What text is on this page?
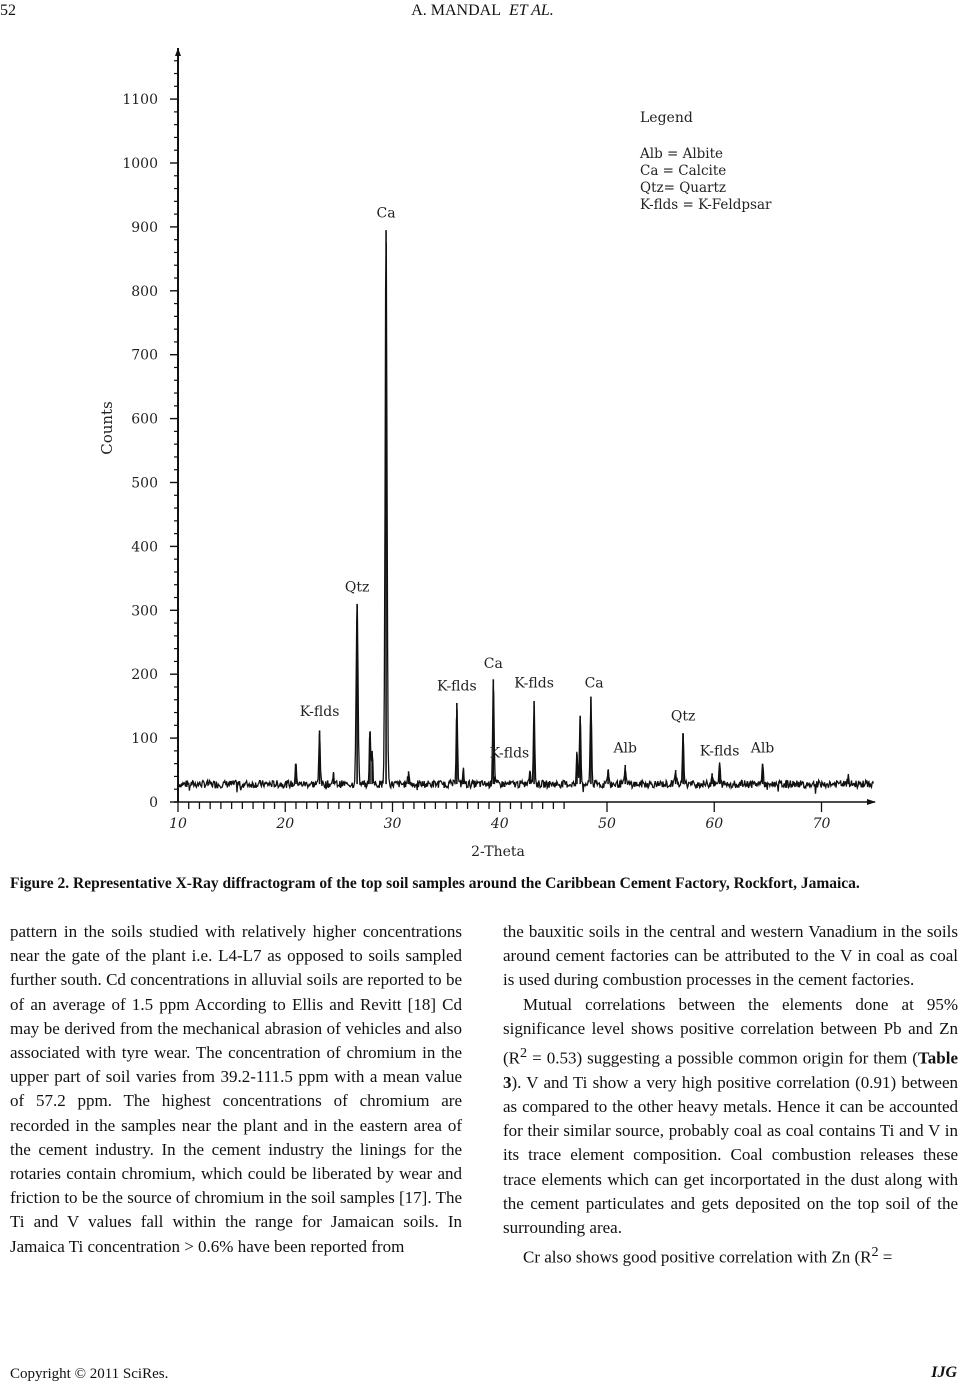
52	A. MANDAL ET AL.
0
100
200
300
400
500
600
700
800
900
1000
1100
10	20	30	40	50	60	70
2-Theta
Counts
K-flds
Qtz
Ca
K-flds
Ca
K-flds
K-flds
Ca
Alb
Qtz
K-flds Alb
Legend
Alb = Albite
Ca = Calcite
Qtz= Quartz
K-flds = K-Feldpsar
Figure 2. Representative X-Ray diffractogram of the top soil samples around the Caribbean Cement Factory, Rockfort, Jamaica.

pattern in the soils studied with relatively higher concentrations near the gate of the plant i.e. L4-L7 as opposed to soils sampled further south. Cd concentrations in alluvial soils are reported to be of an average of 1.5 ppm According to Ellis and Revitt [18] Cd may be derived from the mechanical abrasion of vehicles and also associated with tyre wear. The concentration of chromium in the upper part of soil varies from 39.2-111.5 ppm with a mean value of 57.2 ppm. The highest concentrations of chromium are recorded in the samples near the plant and in the eastern area of the cement industry. In the cement industry the linings for the rotaries contain chromium, which could be liberated by wear and friction to be the source of chromium in the soil samples [17]. The Ti and V values fall within the range for Jamaican soils. In Jamaica Ti concentration > 0.6% have been reported from

the bauxitic soils in the central and western Vanadium in the soils around cement factories can be attributed to the V in coal as coal is used during combustion processes in the cement factories.

Mutual correlations between the elements done at 95% significance level shows positive correlation between Pb and Zn $(R^2 = 0.53)$ suggesting a possible common origin for them (Table 3). V and Ti show a very high positive correlation (0.91) between as compared to the other heavy metals. Hence it can be accounted for their similar source, probably coal as coal contains Ti and V in its trace element composition. Coal combustion releases these trace elements which can get incorportated in the dust along with the cement particulates and gets deposited on the top soil of the surrounding area.

Cr also shows good positive correlation with Zn ($R^2$ =

Copyright © 2011 SciRes.	IJG
